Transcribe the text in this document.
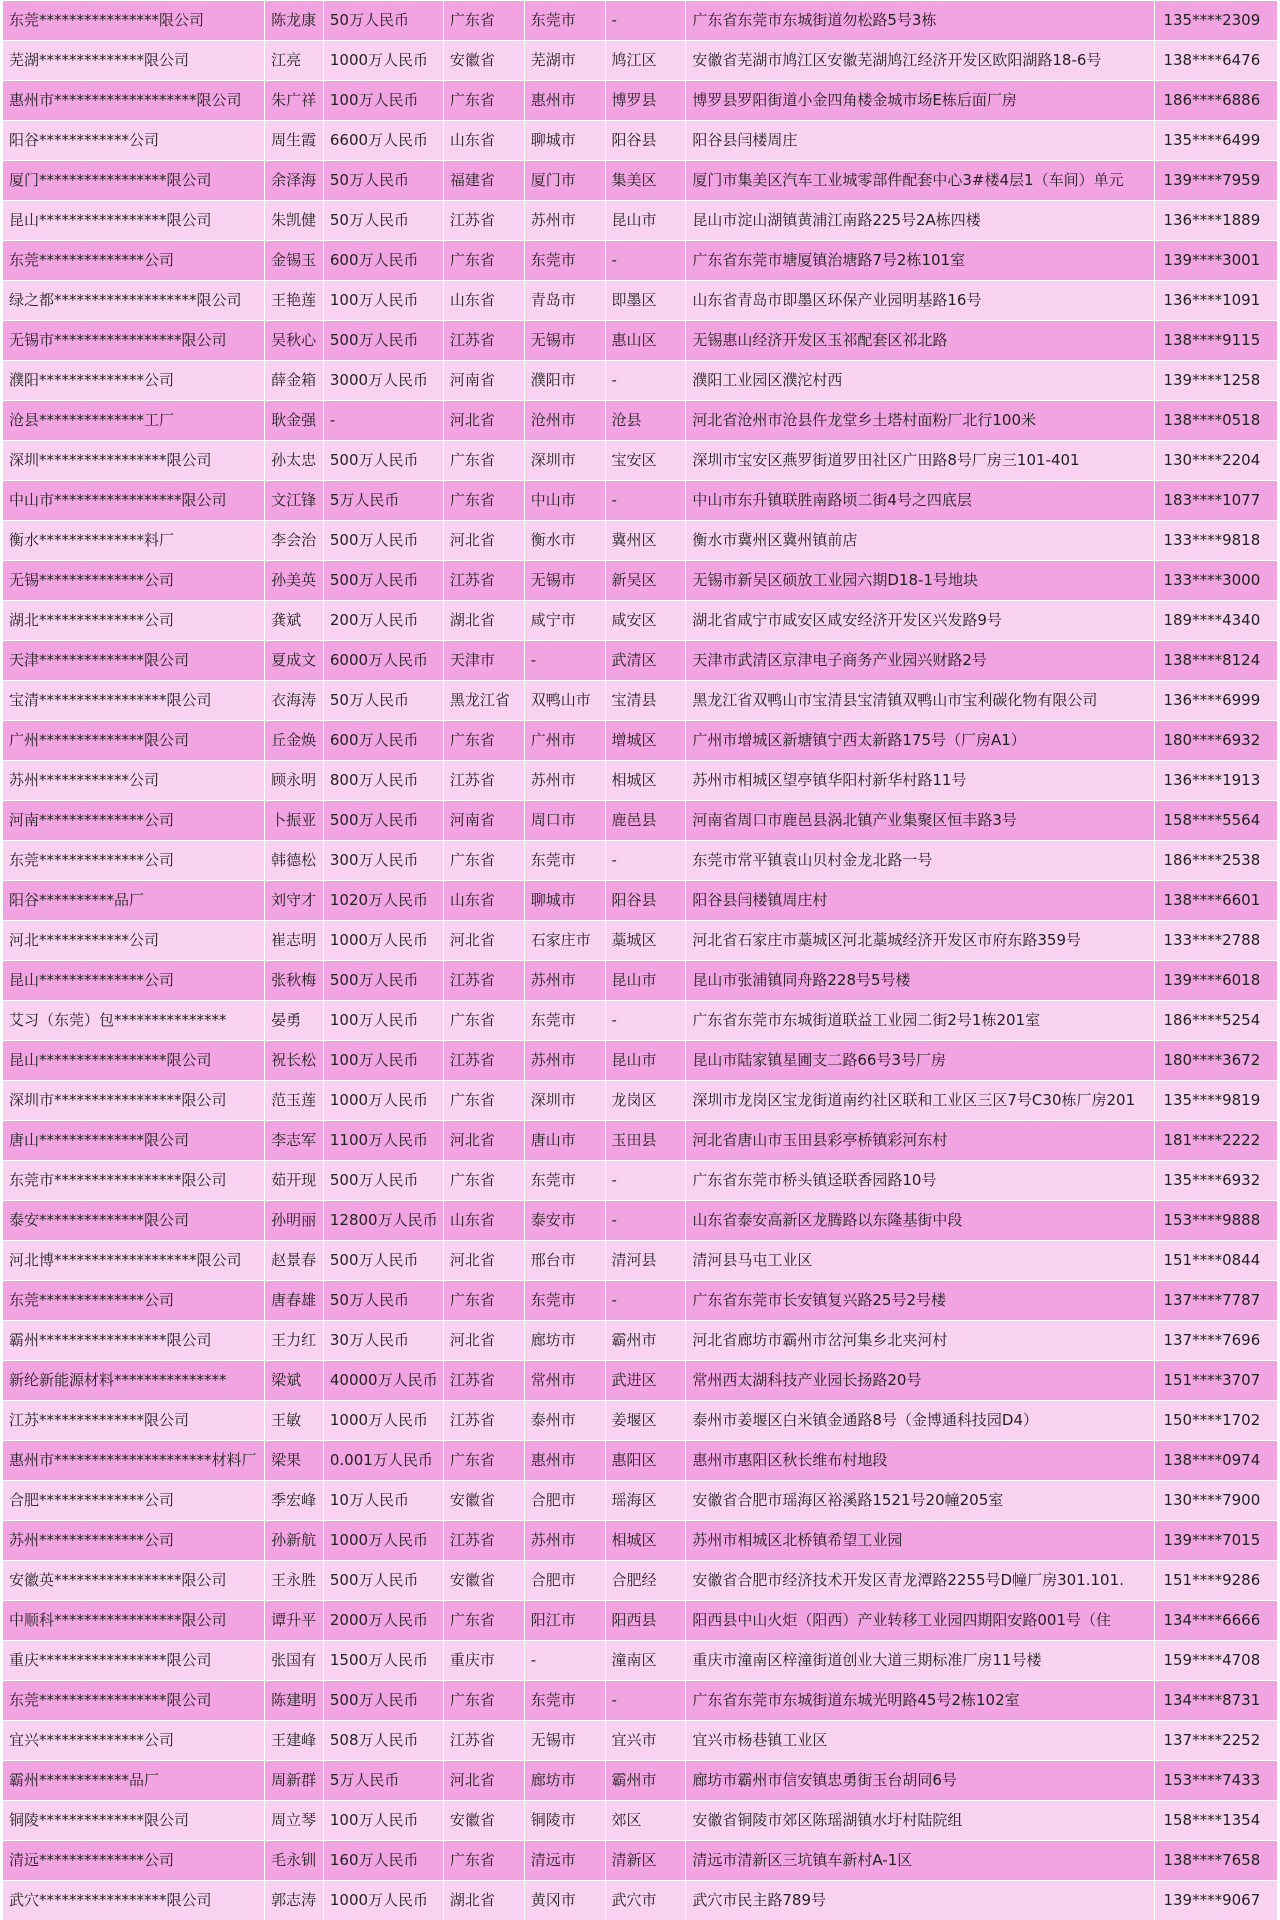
东莞****************限公司	陈龙康	50万人民币	广东省	东莞市	-	广东省东莞市东城街道勿松路5号3栋	135****2309
芜湖**************限公司	江亮	1000万人民币	安徽省	芜湖市	鸠江区	安徽省芜湖市鸠江区安徽芜湖鸠江经济开发区欧阳湖路18-6号	138****6476
惠州市*******************限公司	朱广祥	100万人民币	广东省	惠州市	博罗县	博罗县罗阳街道小金四角楼金城市场E栋后面厂房	186****6886
阳谷************公司	周生霞	6600万人民币	山东省	聊城市	阳谷县	阳谷县闫楼周庄	135****6499
厦门*****************限公司	余泽海	50万人民币	福建省	厦门市	集美区	厦门市集美区汽车工业城零部件配套中心3#楼4层1（车间）单元	139****7959
昆山*****************限公司	朱凯健	50万人民币	江苏省	苏州市	昆山市	昆山市淀山湖镇黄浦江南路225号2A栋四楼	136****1889
东莞**************公司	金锡玉	600万人民币	广东省	东莞市	-	广东省东莞市塘厦镇治塘路7号2栋101室	139****3001
绿之都*******************限公司	王艳莲	100万人民币	山东省	青岛市	即墨区	山东省青岛市即墨区环保产业园明基路16号	136****1091
无锡市*****************限公司	吴秋心	500万人民币	江苏省	无锡市	惠山区	无锡惠山经济开发区玉祁配套区祁北路	138****9115
濮阳**************公司	薛金箱	3000万人民币	河南省	濮阳市	-	濮阳工业园区濮沱村西	139****1258
沧县**************工厂	耿金强	-	河北省	沧州市	沧县	河北省沧州市沧县仵龙堂乡土塔村面粉厂北行100米	138****0518
深圳*****************限公司	孙太忠	500万人民币	广东省	深圳市	宝安区	深圳市宝安区燕罗街道罗田社区广田路8号厂房三101-401	130****2204
中山市*****************限公司	文江锋	5万人民币	广东省	中山市	-	中山市东升镇联胜南路顷二街4号之四底层	183****1077
衡水**************料厂	李会治	500万人民币	河北省	衡水市	冀州区	衡水市冀州区冀州镇前店	133****9818
无锡**************公司	孙美英	500万人民币	江苏省	无锡市	新吴区	无锡市新吴区硕放工业园六期D18-1号地块	133****3000
湖北**************公司	龚斌	200万人民币	湖北省	咸宁市	咸安区	湖北省咸宁市咸安区咸安经济开发区兴发路9号	189****4340
天津**************限公司	夏成文	6000万人民币	天津市	-	武清区	天津市武清区京津电子商务产业园兴财路2号	138****8124
宝清*****************限公司	衣海涛	50万人民币	黑龙江省	双鸭山市	宝清县	黑龙江省双鸭山市宝清县宝清镇双鸭山市宝利碳化物有限公司	136****6999
广州**************限公司	丘金焕	600万人民币	广东省	广州市	增城区	广州市增城区新塘镇宁西太新路175号（厂房A1）	180****6932
苏州************公司	顾永明	800万人民币	江苏省	苏州市	相城区	苏州市相城区望亭镇华阳村新华村路11号	136****1913
河南**************公司	卜振亚	500万人民币	河南省	周口市	鹿邑县	河南省周口市鹿邑县涡北镇产业集聚区恒丰路3号	158****5564
东莞**************公司	韩德松	300万人民币	广东省	东莞市	-	东莞市常平镇袁山贝村金龙北路一号	186****2538
阳谷**********品厂	刘守才	1020万人民币	山东省	聊城市	阳谷县	阳谷县闫楼镇周庄村	138****6601
河北************公司	崔志明	1000万人民币	河北省	石家庄市	藁城区	河北省石家庄市藁城区河北藁城经济开发区市府东路359号	133****2788
昆山**************公司	张秋梅	500万人民币	江苏省	苏州市	昆山市	昆山市张浦镇同舟路228号5号楼	139****6018
艾习（东莞）包***************	晏勇	100万人民币	广东省	东莞市	-	广东省东莞市东城街道联益工业园二街2号1栋201室	186****5254
昆山*****************限公司	祝长松	100万人民币	江苏省	苏州市	昆山市	昆山市陆家镇星圃支二路66号3号厂房	180****3672
深圳市*****************限公司	范玉莲	1000万人民币	广东省	深圳市	龙岗区	深圳市龙岗区宝龙街道南约社区联和工业区三区7号C30栋厂房201	135****9819
唐山**************限公司	李志军	1100万人民币	河北省	唐山市	玉田县	河北省唐山市玉田县彩亭桥镇彩河东村	181****2222
东莞市*****************限公司	茹开现	500万人民币	广东省	东莞市	-	广东省东莞市桥头镇迳联香园路10号	135****6932
泰安**************限公司	孙明丽	12800万人民币	山东省	泰安市	-	山东省泰安高新区龙腾路以东隆基街中段	153****9888
河北博*******************限公司	赵景春	500万人民币	河北省	邢台市	清河县	清河县马屯工业区	151****0844
东莞**************公司	唐春雄	50万人民币	广东省	东莞市	-	广东省东莞市长安镇复兴路25号2号楼	137****7787
霸州*****************限公司	王力红	30万人民币	河北省	廊坊市	霸州市	河北省廊坊市霸州市岔河集乡北夹河村	137****7696
新纶新能源材料***************	梁斌	40000万人民币	江苏省	常州市	武进区	常州西太湖科技产业园长扬路20号	151****3707
江苏**************限公司	王敏	1000万人民币	江苏省	泰州市	姜堰区	泰州市姜堰区白米镇金通路8号（金博通科技园D4）	150****1702
惠州市*********************材料厂	梁果	0.001万人民币	广东省	惠州市	惠阳区	惠州市惠阳区秋长维布村地段	138****0974
合肥**************公司	季宏峰	10万人民币	安徽省	合肥市	瑶海区	安徽省合肥市瑶海区裕溪路1521号20幢205室	130****7900
苏州**************公司	孙新航	1000万人民币	江苏省	苏州市	相城区	苏州市相城区北桥镇希望工业园	139****7015
安徽英*****************限公司	王永胜	500万人民币	安徽省	合肥市	合肥经	安徽省合肥市经济技术开发区青龙潭路2255号D幢厂房301.101.	151****9286
中顺科*****************限公司	谭升平	2000万人民币	广东省	阳江市	阳西县	阳西县中山火炬（阳西）产业转移工业园四期阳安路001号（住	134****6666
重庆*****************限公司	张国有	1500万人民币	重庆市	-	潼南区	重庆市潼南区梓潼街道创业大道三期标准厂房11号楼	159****4708
东莞*****************限公司	陈建明	500万人民币	广东省	东莞市	-	广东省东莞市东城街道东城光明路45号2栋102室	134****8731
宜兴**************公司	王建峰	508万人民币	江苏省	无锡市	宜兴市	宜兴市杨巷镇工业区	137****2252
霸州************品厂	周新群	5万人民币	河北省	廊坊市	霸州市	廊坊市霸州市信安镇忠勇街玉台胡同6号	153****7433
铜陵**************限公司	周立琴	100万人民币	安徽省	铜陵市	郊区	安徽省铜陵市郊区陈瑶湖镇水圩村陆院组	158****1354
清远**************公司	毛永钏	160万人民币	广东省	清远市	清新区	清远市清新区三坑镇车新村A-1区	138****7658
武穴*****************限公司	郭志涛	1000万人民币	湖北省	黄冈市	武穴市	武穴市民主路789号	139****9067
